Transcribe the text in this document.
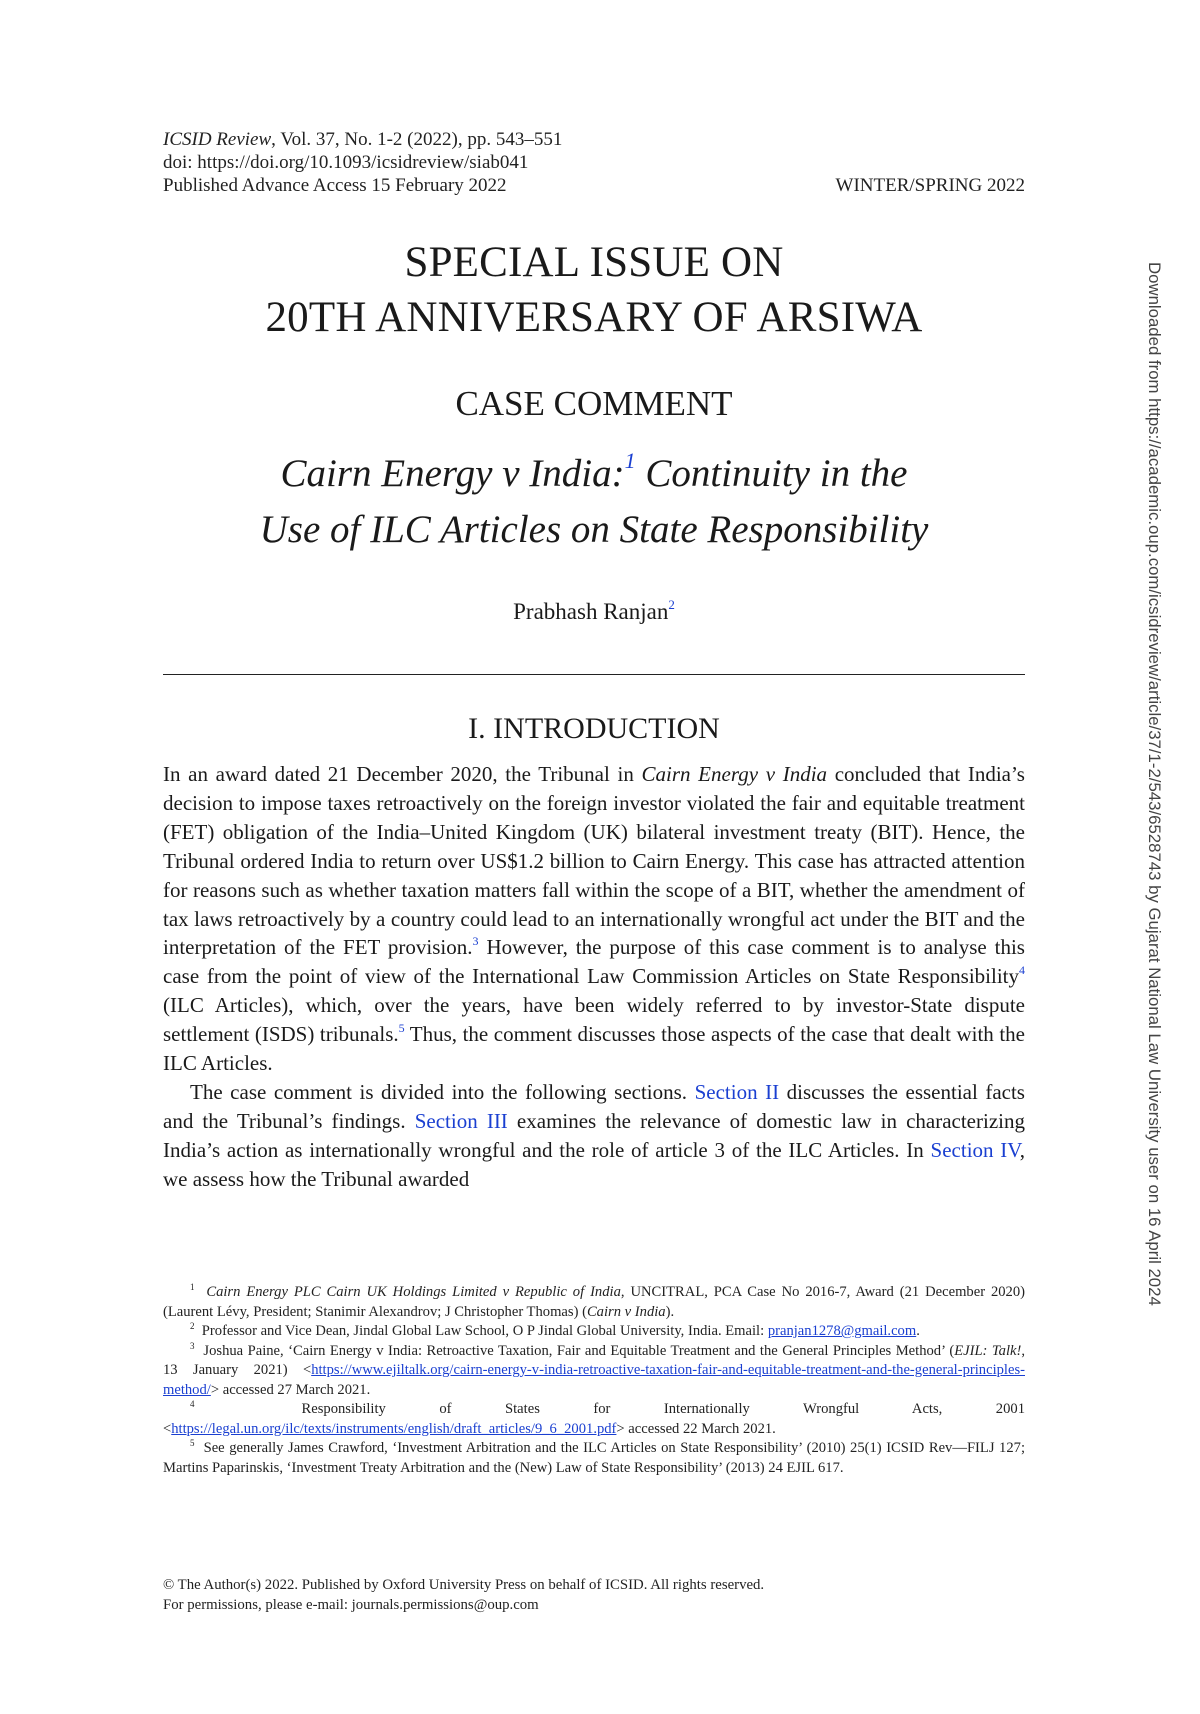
ICSID Review, Vol. 37, No. 1-2 (2022), pp. 543–551
doi: https://doi.org/10.1093/icsidreview/siab041
Published Advance Access 15 February 2022	WINTER/SPRING 2022
SPECIAL ISSUE ON
20TH ANNIVERSARY OF ARSIWA
CASE COMMENT
Cairn Energy v India:$^1$ Continuity in the
Use of ILC Articles on State Responsibility
Prabhash Ranjan$^2$
I. INTRODUCTION

In an award dated 21 December 2020, the Tribunal in Cairn Energy v India concluded that India’s decision to impose taxes retroactively on the foreign investor violated the fair and equitable treatment (FET) obligation of the India–United Kingdom (UK) bilateral investment treaty (BIT). Hence, the Tribunal ordered India to return over US$1.2 billion to Cairn Energy. This case has attracted attention for reasons such as whether taxation matters fall within the scope of a BIT, whether the amendment of tax laws retroactively by a country could lead to an internationally wrongful act under the BIT and the interpretation of the FET provision.$^3$ However, the purpose of this case comment is to analyse this case from the point of view of the International Law Commission Articles on State Responsibility$^4$ (ILC Articles), which, over the years, have been widely referred to by investor-State dispute settlement (ISDS) tribunals.$^5$ Thus, the comment discusses those aspects of the case that dealt with the ILC Articles.

The case comment is divided into the following sections. Section II discusses the essential facts and the Tribunal’s findings. Section III examines the relevance of domestic law in characterizing India’s action as internationally wrongful and the role of article 3 of the ILC Articles. In Section IV, we assess how the Tribunal awarded

$^1$ Cairn Energy PLC Cairn UK Holdings Limited v Republic of India, UNCITRAL, PCA Case No 2016-7, Award (21 December 2020) (Laurent Lévy, President; Stanimir Alexandrov; J Christopher Thomas) (Cairn v India).

$^2$ Professor and Vice Dean, Jindal Global Law School, O P Jindal Global University, India. Email: pranjan1278@gmail.com.

$^3$ Joshua Paine, ‘Cairn Energy v India: Retroactive Taxation, Fair and Equitable Treatment and the General Principles Method’ (EJIL: Talk!, 13 January 2021) <https://www.ejiltalk.org/cairn-energy-v-india-retroactive-taxation-fair-and-equitable-treatment-and-the-general-principles-method/> accessed 27 March 2021.

$^4$	Responsibility of States for Internationally Wrongful Acts, 2001 <https://legal.un.org/ilc/texts/instruments/english/draft_articles/9_6_2001.pdf> accessed 22 March 2021.

$^5$ See generally James Crawford, ‘Investment Arbitration and the ILC Articles on State Responsibility’ (2010) 25(1) ICSID Rev—FILJ 127; Martins Paparinskis, ‘Investment Treaty Arbitration and the (New) Law of State Responsibility’ (2013) 24 EJIL 617.

© The Author(s) 2022. Published by Oxford University Press on behalf of ICSID. All rights reserved.
For permissions, please e-mail: journals.permissions@oup.com
Downloaded from https://academic.oup.com/icsidreview/article/37/1-2/543/6528743 by Gujarat National Law University user on 16 April 2024
